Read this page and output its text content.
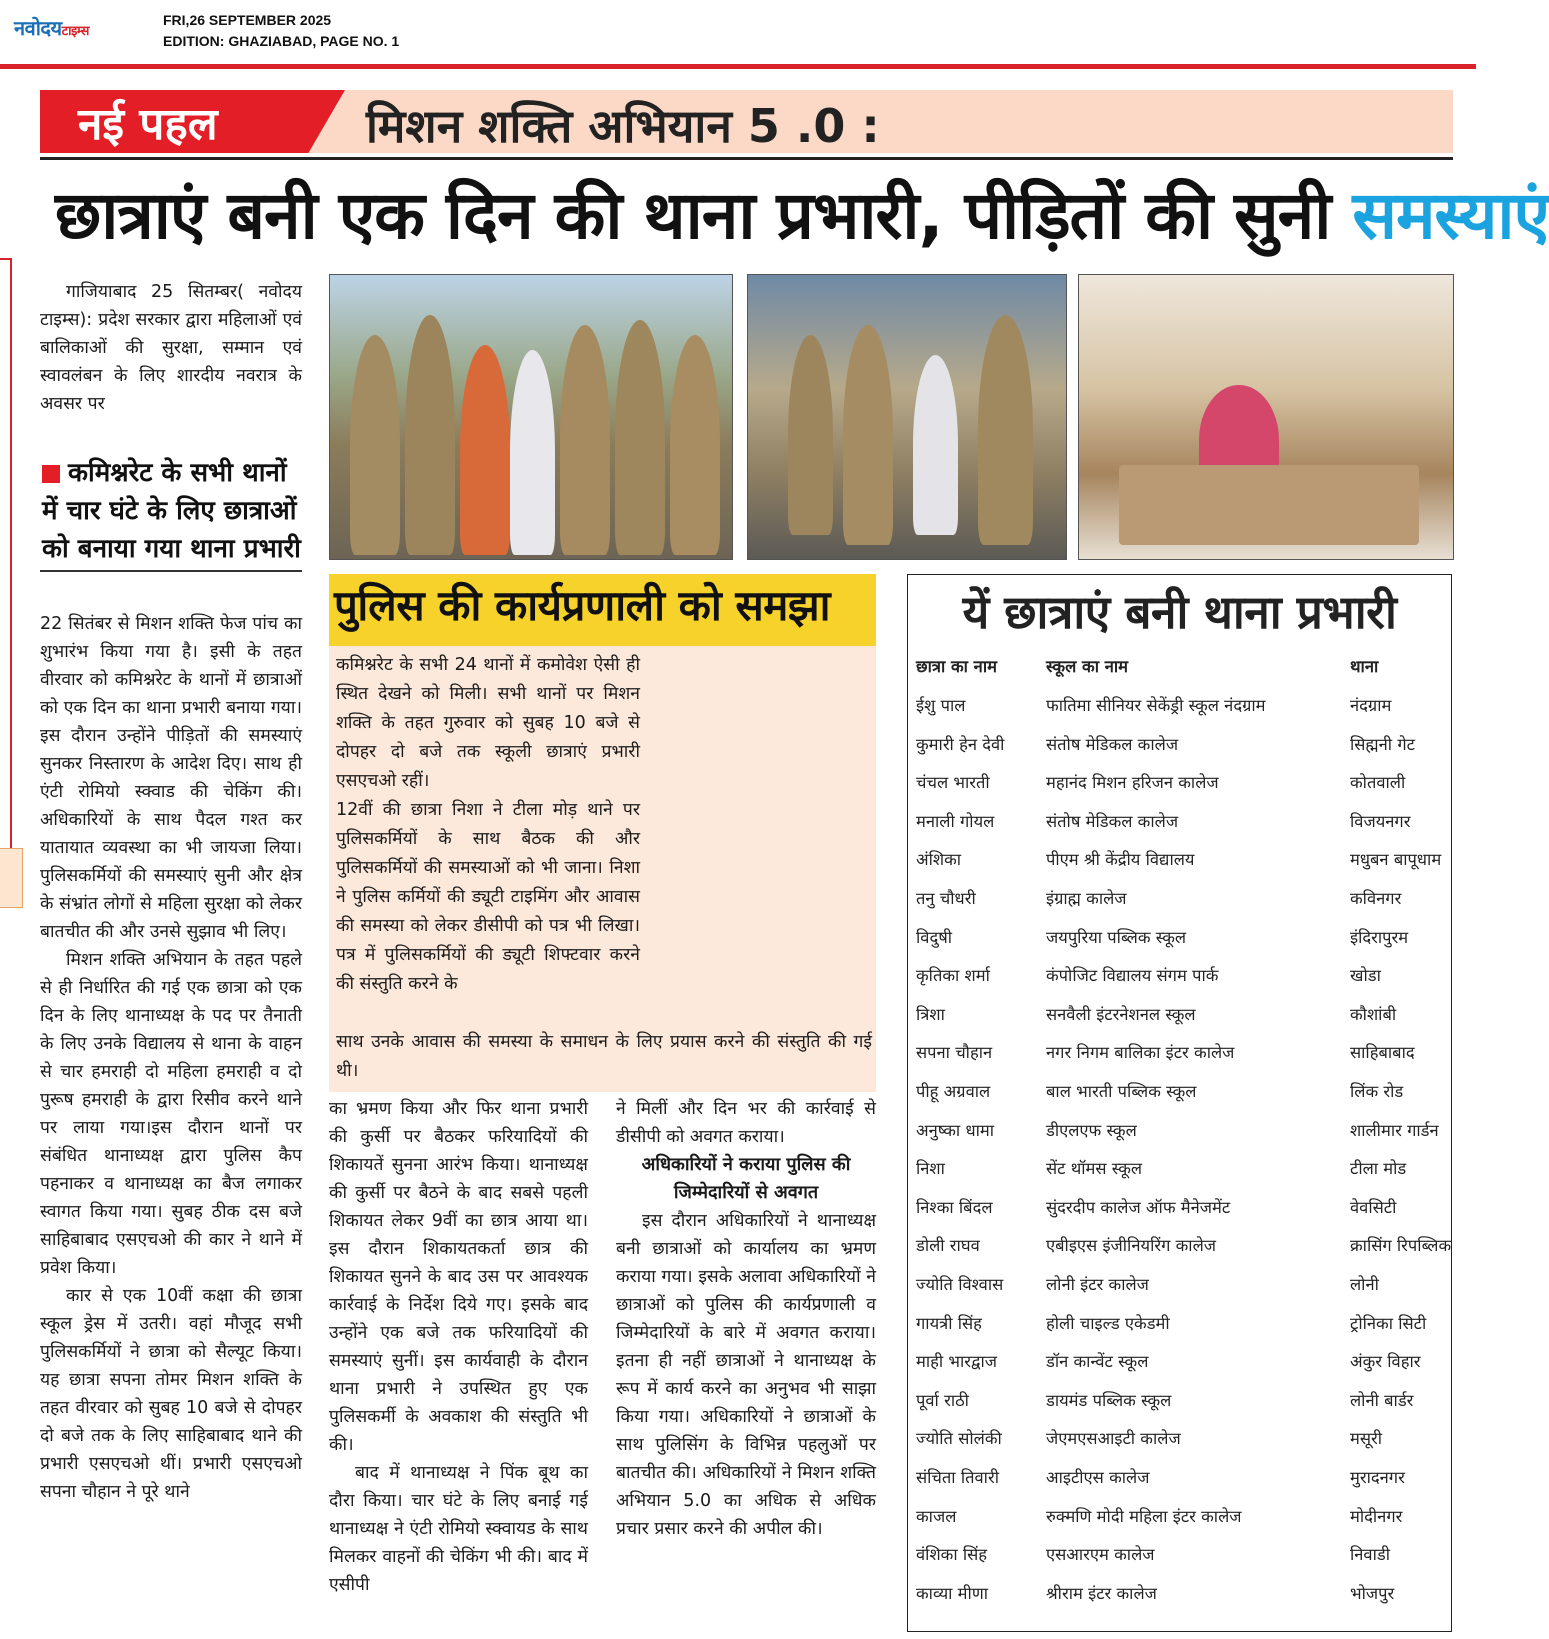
नवोदयटाइम्स
FRI,26 SEPTEMBER 2025
EDITION: GHAZIABAD, PAGE NO. 1
नई पहल	मिशन शक्ति अभियान 5 .0 :
छात्राएं बनी एक दिन की थाना प्रभारी, पीड़ितों की सुनी समस्याएं
गाजियाबाद 25 सितम्बर( नवोदय टाइम्स): प्रदेश सरकार द्वारा महिलाओं एवं बालिकाओं की सुरक्षा, सम्मान एवं स्वावलंबन के लिए शारदीय नवरात्र के अवसर पर
कमिश्नरेट के सभी थानों में चार घंटे के लिए छात्राओं को बनाया गया थाना प्रभारी

22 सितंबर से मिशन शक्ति फेज पांच का शुभारंभ किया गया है। इसी के तहत वीरवार को कमिश्नरेट के थानों में छात्राओं को एक दिन का थाना प्रभारी बनाया गया। इस दौरान उन्होंने पीड़ितों की समस्याएं सुनकर निस्तारण के आदेश दिए। साथ ही एंटी रोमियो स्क्वाड की चेकिंग की। अधिकारियों के साथ पैदल गश्त कर यातायात व्यवस्था का भी जायजा लिया। पुलिसकर्मियों की समस्याएं सुनी और क्षेत्र के संभ्रांत लोगों से महिला सुरक्षा को लेकर बातचीत की और उनसे सुझाव भी लिए।

मिशन शक्ति अभियान के तहत पहले से ही निर्धारित की गई एक छात्रा को एक दिन के लिए थानाध्यक्ष के पद पर तैनाती के लिए उनके विद्यालय से थाना के वाहन से चार हमराही दो महिला हमराही व दो पुरूष हमराही के द्वारा रिसीव करने थाने पर लाया गया।इस दौरान थानों पर संबंधित थानाध्यक्ष द्वारा पुलिस कैप पहनाकर व थानाध्यक्ष का बैज लगाकर स्वागत किया गया। सुबह ठीक दस बजे साहिबाबाद एसएचओ की कार ने थाने में प्रवेश किया।

कार से एक 10वीं कक्षा की छात्रा स्कूल ड्रेस में उतरी। वहां मौजूद सभी पुलिसकर्मियों ने छात्रा को सैल्यूट किया। यह छात्रा सपना तोमर मिशन शक्ति के तहत वीरवार को सुबह 10 बजे से दोपहर दो बजे तक के लिए साहिबाबाद थाने की प्रभारी एसएचओ थीं। प्रभारी एसएचओ सपना चौहान ने पूरे थाने

पुलिस की कार्यप्रणाली को समझा

कमिश्नरेट के सभी 24 थानों में कमोवेश ऐसी ही स्थित देखने को मिली। सभी थानों पर मिशन शक्ति के तहत गुरुवार को सुबह 10 बजे से दोपहर दो बजे तक स्कूली छात्राएं प्रभारी एसएचओ रहीं।

12वीं की छात्रा निशा ने टीला मोड़ थाने पर पुलिसकर्मियों के साथ बैठक की और पुलिसकर्मियों की समस्याओं को भी जाना। निशा ने पुलिस कर्मियों की ड्यूटी टाइमिंग और आवास की समस्या को लेकर डीसीपी को पत्र भी लिखा। पत्र में पुलिसकर्मियों की ड्यूटी शिफ्टवार करने की संस्तुति करने के

साथ उनके आवास की समस्या के समाधन के लिए प्रयास करने की संस्तुति की गई थी।

का भ्रमण किया और फिर थाना प्रभारी की कुर्सी पर बैठकर फरियादियों की शिकायतें सुनना आरंभ किया। थानाध्यक्ष की कुर्सी पर बैठने के बाद सबसे पहली शिकायत लेकर 9वीं का छात्र आया था। इस दौरान शिकायतकर्ता छात्र की शिकायत सुनने के बाद उस पर आवश्यक कार्रवाई के निर्देश दिये गए। इसके बाद उन्होंने एक बजे तक फरियादियों की समस्याएं सुनीं। इस कार्यवाही के दौरान थाना प्रभारी ने उपस्थित हुए एक पुलिसकर्मी के अवकाश की संस्तुति भी की।

बाद में थानाध्यक्ष ने पिंक बूथ का दौरा किया। चार घंटे के लिए बनाई गई थानाध्यक्ष ने एंटी रोमियो स्क्वायड के साथ मिलकर वाहनों की चेकिंग भी की। बाद में एसीपी

ने मिलीं और दिन भर की कार्रवाई से डीसीपी को अवगत कराया।

अधिकारियों ने कराया पुलिस की जिम्मेदारियों से अवगत

इस दौरान अधिकारियों ने थानाध्यक्ष बनी छात्राओं को कार्यालय का भ्रमण कराया गया। इसके अलावा अधिकारियों ने छात्राओं को पुलिस की कार्यप्रणाली व जिम्मेदारियों के बारे में अवगत कराया। इतना ही नहीं छात्राओं ने थानाध्यक्ष के रूप में कार्य करने का अनुभव भी साझा किया गया। अधिकारियों ने छात्राओं के साथ पुलिसिंग के विभिन्न पहलुओं पर बातचीत की। अधिकारियों ने मिशन शक्ति अभियान 5.0 का अधिक से अधिक प्रचार प्रसार करने की अपील की।

छात्रा का नाम	स्कूल का नाम	थाना
ईशु पाल	फातिमा सीनियर सेकेंड्री स्कूल नंदग्राम	नंदग्राम
कुमारी हेन देवी	संतोष मेडिकल कालेज	सिह्मनी गेट
चंचल भारती	महानंद मिशन हरिजन कालेज	कोतवाली
मनाली गोयल	संतोष मेडिकल कालेज	विजयनगर
अंशिका	पीएम श्री केंद्रीय विद्यालय	मधुबन बापूधाम
तनु चौधरी	इंग्राह्म कालेज	कविनगर
विदुषी	जयपुरिया पब्लिक स्कूल	इंदिरापुरम
कृतिका शर्मा	कंपोजिट विद्यालय संगम पार्क	खोडा
त्रिशा	सनवैली इंटरनेशनल स्कूल	कौशांबी
सपना चौहान	नगर निगम बालिका इंटर कालेज	साहिबाबाद
पीहू अग्रवाल	बाल भारती पब्लिक स्कूल	लिंक रोड
अनुष्का धामा	डीएलएफ स्कूल	शालीमार गार्डन
निशा	सेंट थॉमस स्कूल	टीला मोड
निश्का बिंदल	सुंदरदीप कालेज ऑफ मैनेजमेंट	वेवसिटी
डोली राघव	एबीइएस इंजीनियरिंग कालेज	क्रासिंग रिपब्लिक
ज्योति विश्वास	लोनी इंटर कालेज	लोनी
गायत्री सिंह	होली चाइल्ड एकेडमी	ट्रोनिका सिटी
माही भारद्वाज	डॉन कान्वेंट स्कूल	अंकुर विहार
पूर्वा राठी	डायमंड पब्लिक स्कूल	लोनी बार्डर
ज्योति सोलंकी	जेएमएसआइटी कालेज	मसूरी
संचिता तिवारी	आइटीएस कालेज	मुरादनगर
काजल	रुक्मणि मोदी महिला इंटर कालेज	मोदीनगर
वंशिका सिंह	एसआरएम कालेज	निवाडी
काव्या मीणा	श्रीराम इंटर कालेज	भोजपुर
यें छात्राएं बनी थाना प्रभारी
